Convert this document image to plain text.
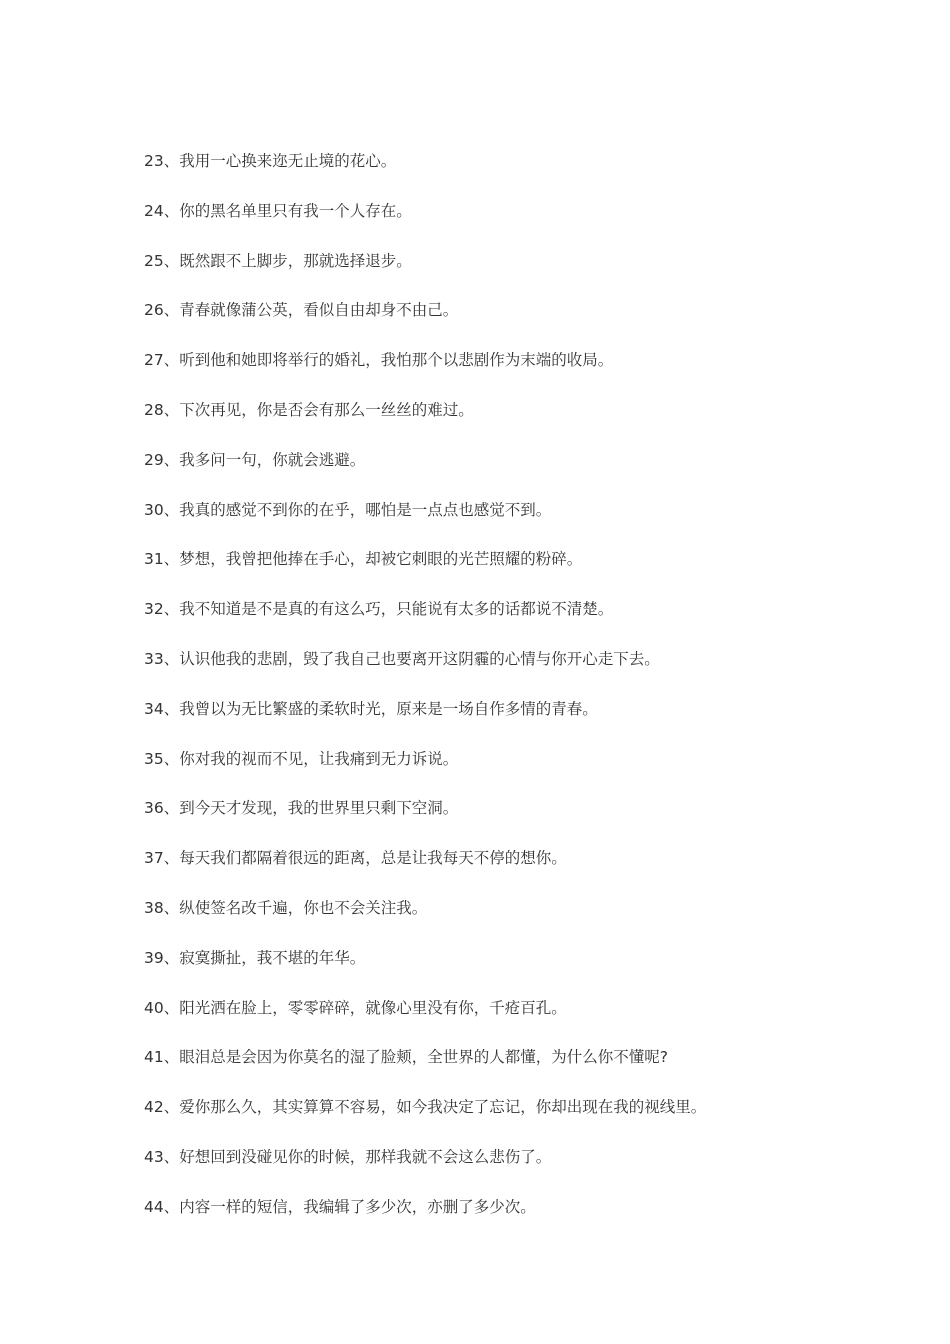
23、我用一心换来迩无止境的花心。
24、你的黑名单里只有我一个人存在。
25、既然跟不上脚步，那就选择退步。
26、青春就像蒲公英，看似自由却身不由己。
27、听到他和她即将举行的婚礼，我怕那个以悲剧作为末端的收局。
28、下次再见，你是否会有那么一丝丝的难过。
29、我多问一句，你就会逃避。
30、我真的感觉不到你的在乎，哪怕是一点点也感觉不到。
31、梦想，我曾把他捧在手心，却被它刺眼的光芒照耀的粉碎。
32、我不知道是不是真的有这么巧，只能说有太多的话都说不清楚。
33、认识他我的悲剧，毁了我自己也要离开这阴霾的心情与你开心走下去。
34、我曾以为无比繁盛的柔软时光，原来是一场自作多情的青春。
35、你对我的视而不见，让我痛到无力诉说。
36、到今天才发现，我的世界里只剩下空洞。
37、每天我们都隔着很远的距离，总是让我每天不停的想你。
38、纵使签名改千遍，你也不会关注我。
39、寂寞撕扯，莪不堪的年华。
40、阳光洒在脸上，零零碎碎，就像心里没有你，千疮百孔。
41、眼泪总是会因为你莫名的湿了脸颊，全世界的人都懂，为什么你不懂呢?
42、爱你那么久，其实算算不容易，如今我决定了忘记，你却出现在我的视线里。
43、好想回到没碰见你的时候，那样我就不会这么悲伤了。
44、内容一样的短信，我编辑了多少次，亦删了多少次。
